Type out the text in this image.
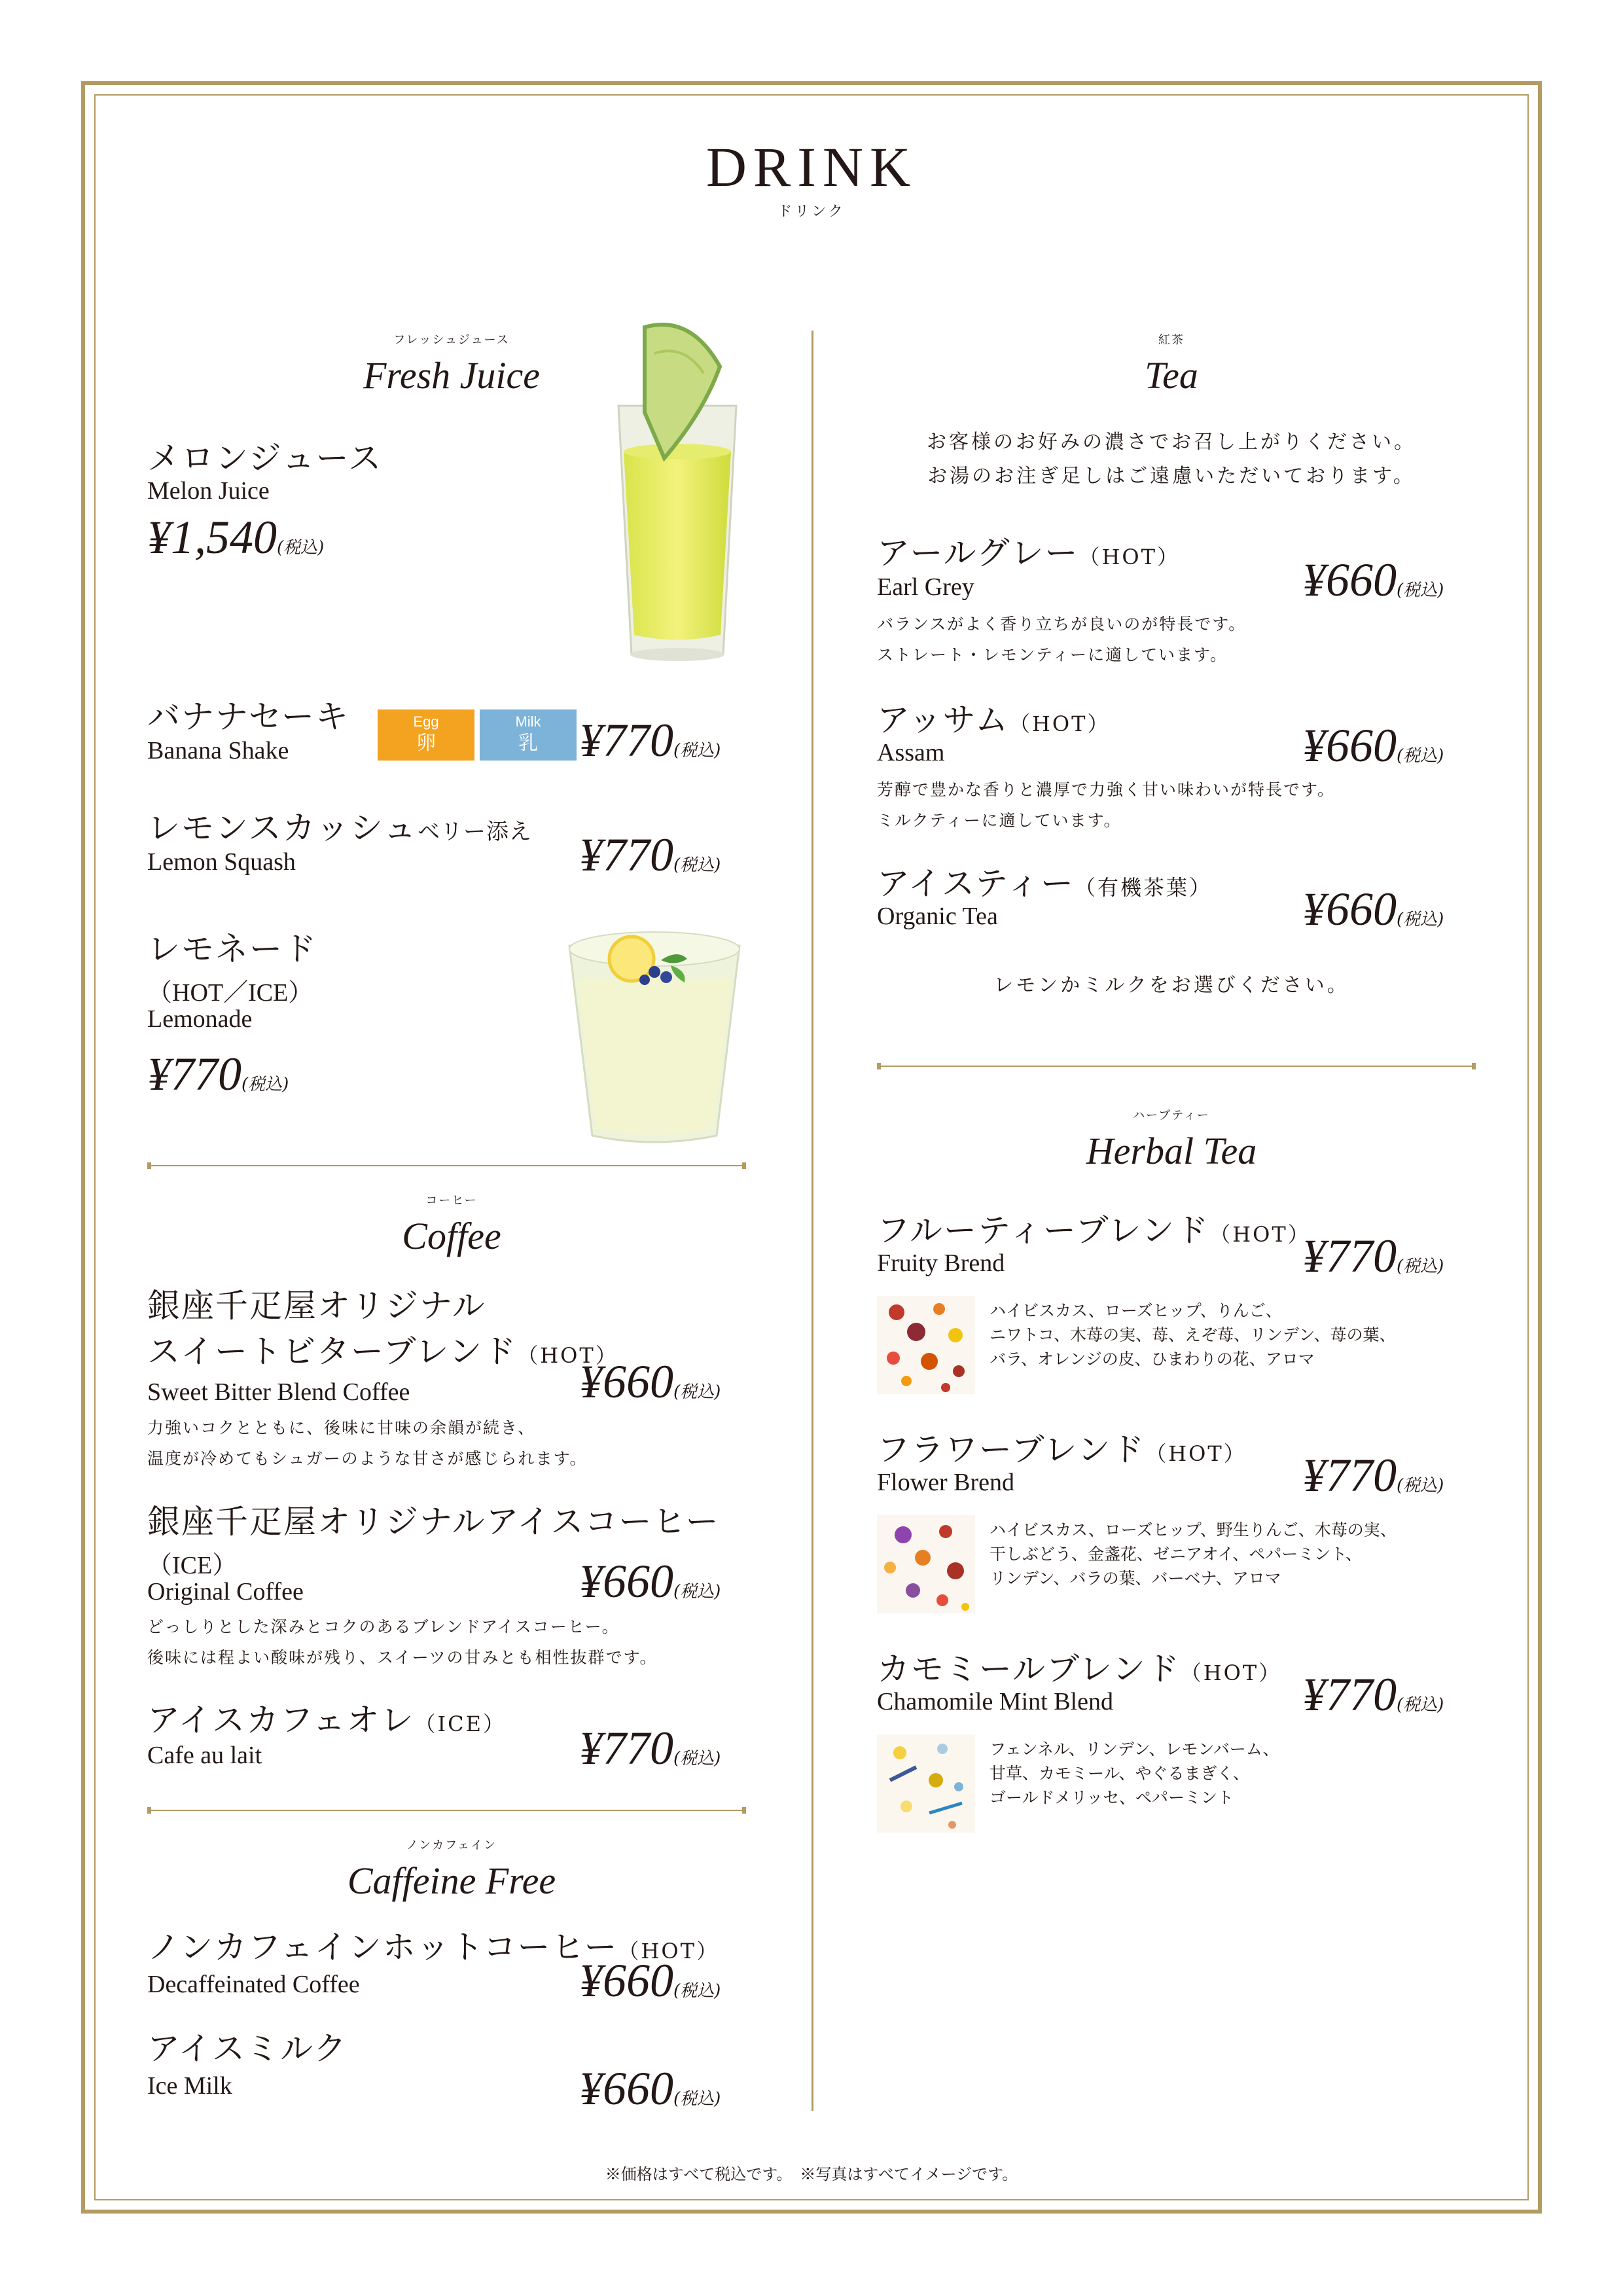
DRINK
ドリンク
フレッシュジュース
Fresh Juice
メロンジュース
Melon Juice
¥1,540(税込)
バナナセーキ
Banana Shake
Egg
卵
Milk
乳 ¥770(税込)
レモンスカッシュベリー添え
Lemon Squash	¥770(税込)
レモネード
（HOT／ICE）
Lemonade
¥770(税込)
コーヒー
Coffee
銀座千疋屋オリジナル
スイートビターブレンド（HOT）
Sweet Bitter Blend Coffee	¥660(税込)
力強いコクとともに、後味に甘味の余韻が続き、
温度が冷めてもシュガーのような甘さが感じられます。
銀座千疋屋オリジナルアイスコーヒー
（ICE）
Original Coffee	¥660(税込)
どっしりとした深みとコクのあるブレンドアイスコーヒー。
後味には程よい酸味が残り、スイーツの甘みとも相性抜群です。
アイスカフェオレ（ICE）
Cafe au lait	¥770(税込)
ノンカフェイン
Caffeine Free
ノンカフェインホットコーヒー（HOT）
Decaffeinated Coffee	¥660(税込)
アイスミルク
Ice Milk	¥660(税込)
紅茶
Tea
お客様のお好みの濃さでお召し上がりください。
お湯のお注ぎ足しはご遠慮いただいております。
アールグレー（HOT）
Earl Grey	¥660(税込)
バランスがよく香り立ちが良いのが特長です。
ストレート・レモンティーに適しています。
アッサム（HOT）
Assam	¥660(税込)
芳醇で豊かな香りと濃厚で力強く甘い味わいが特長です。
ミルクティーに適しています。
アイスティー（有機茶葉）
Organic Tea	¥660(税込)
レモンかミルクをお選びください。
ハーブティー
Herbal Tea
フルーティーブレンド（HOT）
Fruity Brend	¥770(税込)
ハイビスカス、ローズヒップ、りんご、
ニワトコ、木苺の実、苺、えぞ苺、リンデン、苺の葉、
バラ、オレンジの皮、ひまわりの花、アロマ
フラワーブレンド（HOT）
Flower Brend	¥770(税込)
ハイビスカス、ローズヒップ、野生りんご、木苺の実、
干しぶどう、金盞花、ゼニアオイ、ペパーミント、
リンデン、バラの葉、バーベナ、アロマ
カモミールブレンド（HOT）
Chamomile Mint Blend	¥770(税込)
フェンネル、リンデン、レモンバーム、
甘草、カモミール、やぐるまぎく、
ゴールドメリッセ、ペパーミント
※価格はすべて税込です。　※写真はすべてイメージです。
